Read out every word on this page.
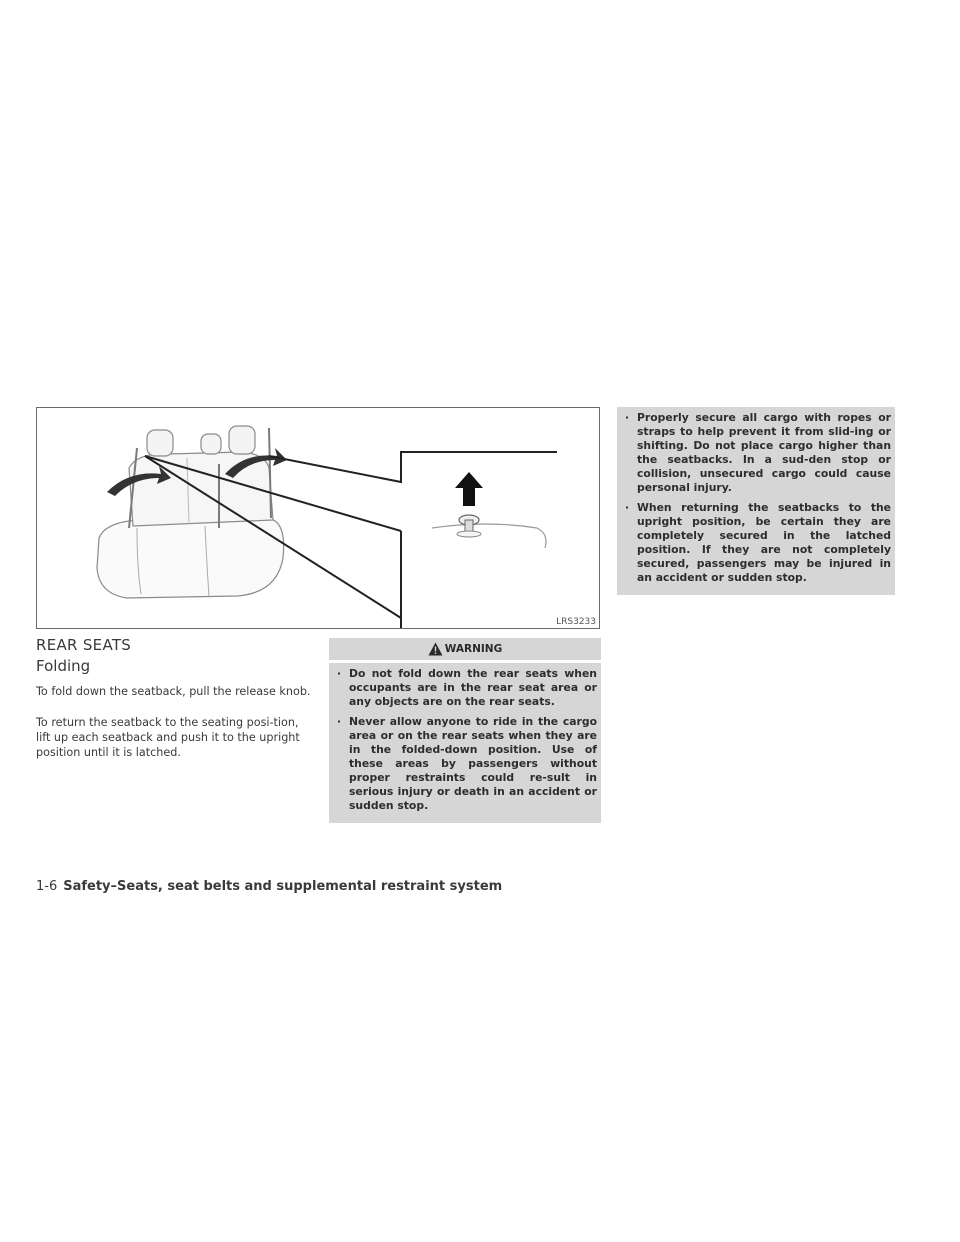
LRS3233
REAR SEATS
Folding

To fold down the seatback, pull the release knob.

To return the seatback to the seating posi-tion, lift up each seatback and push it to the upright position until it is latched.

WARNING
· Do not fold down the rear seats when occupants are in the rear seat area or any objects are on the rear seats.
· Never allow anyone to ride in the cargo area or on the rear seats when they are in the folded-down position. Use of these areas by passengers without proper restraints could re-sult in serious injury or death in an accident or sudden stop.
· Properly secure all cargo with ropes or straps to help prevent it from slid-ing or shifting. Do not place cargo higher than the seatbacks. In a sud-den stop or collision, unsecured cargo could cause personal injury.
· When returning the seatbacks to the upright position, be certain they are completely secured in the latched position. If they are not completely secured, passengers may be injured in an accident or sudden stop.
1-6 Safety–Seats, seat belts and supplemental restraint system
